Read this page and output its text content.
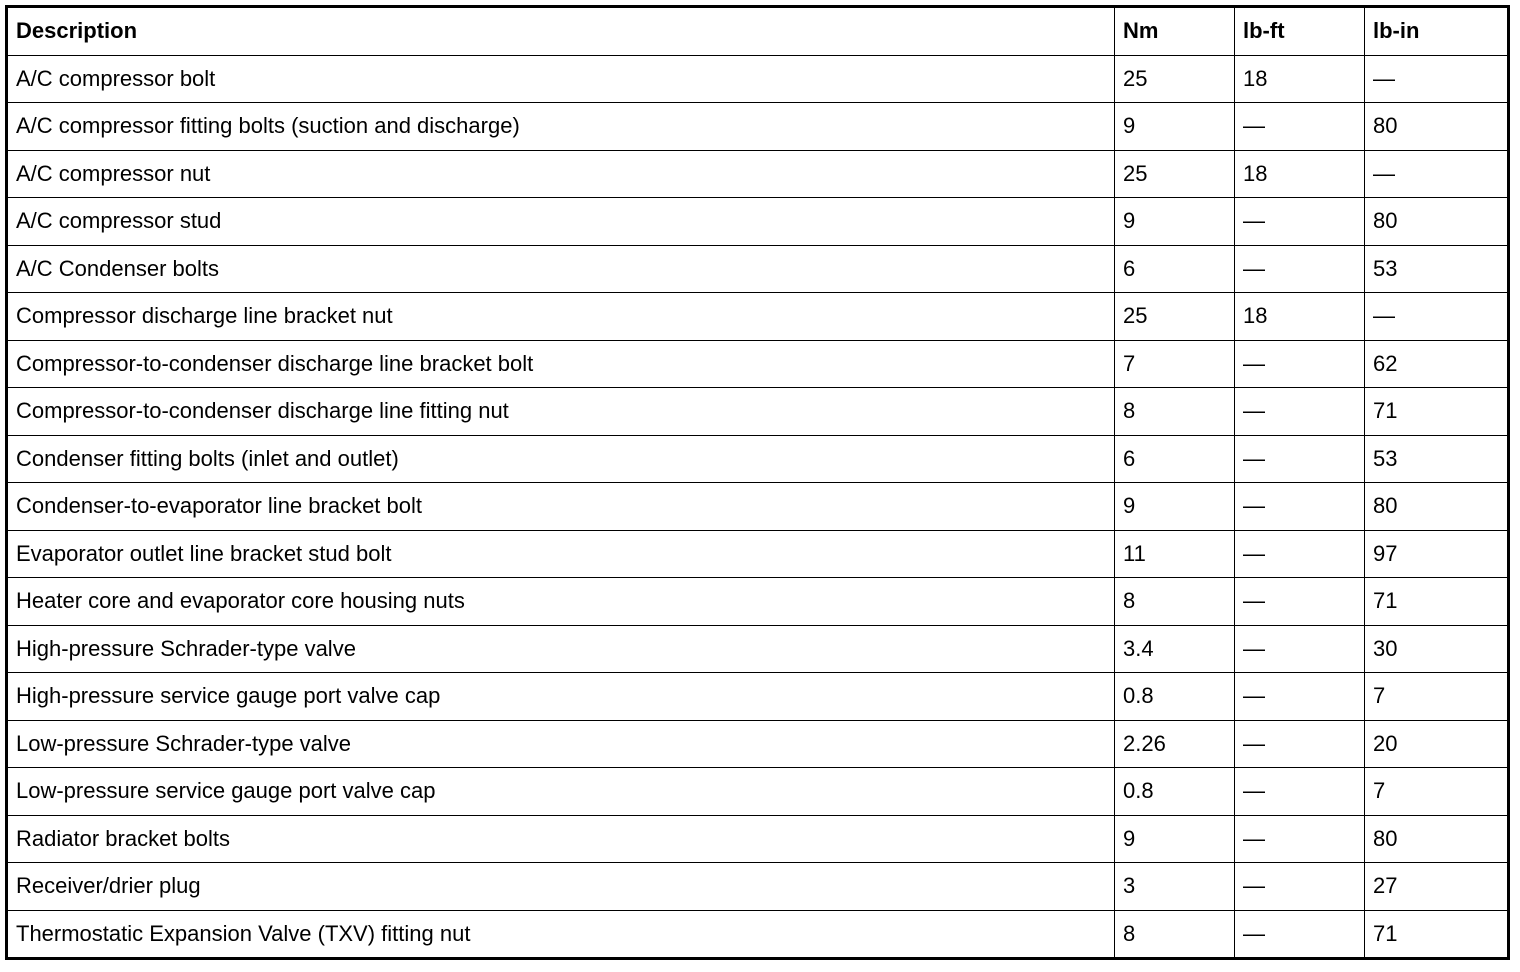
Description	Nm	lb-ft	lb-in
A/C compressor bolt	25	18	—
A/C compressor fitting bolts (suction and discharge)	9	—	80
A/C compressor nut	25	18	—
A/C compressor stud	9	—	80
A/C Condenser bolts	6	—	53
Compressor discharge line bracket nut	25	18	—
Compressor-to-condenser discharge line bracket bolt	7	—	62
Compressor-to-condenser discharge line fitting nut	8	—	71
Condenser fitting bolts (inlet and outlet)	6	—	53
Condenser-to-evaporator line bracket bolt	9	—	80
Evaporator outlet line bracket stud bolt	11	—	97
Heater core and evaporator core housing nuts	8	—	71
High-pressure Schrader-type valve	3.4	—	30
High-pressure service gauge port valve cap	0.8	—	7
Low-pressure Schrader-type valve	2.26	—	20
Low-pressure service gauge port valve cap	0.8	—	7
Radiator bracket bolts	9	—	80
Receiver/drier plug	3	—	27
Thermostatic Expansion Valve (TXV) fitting nut	8	—	71
